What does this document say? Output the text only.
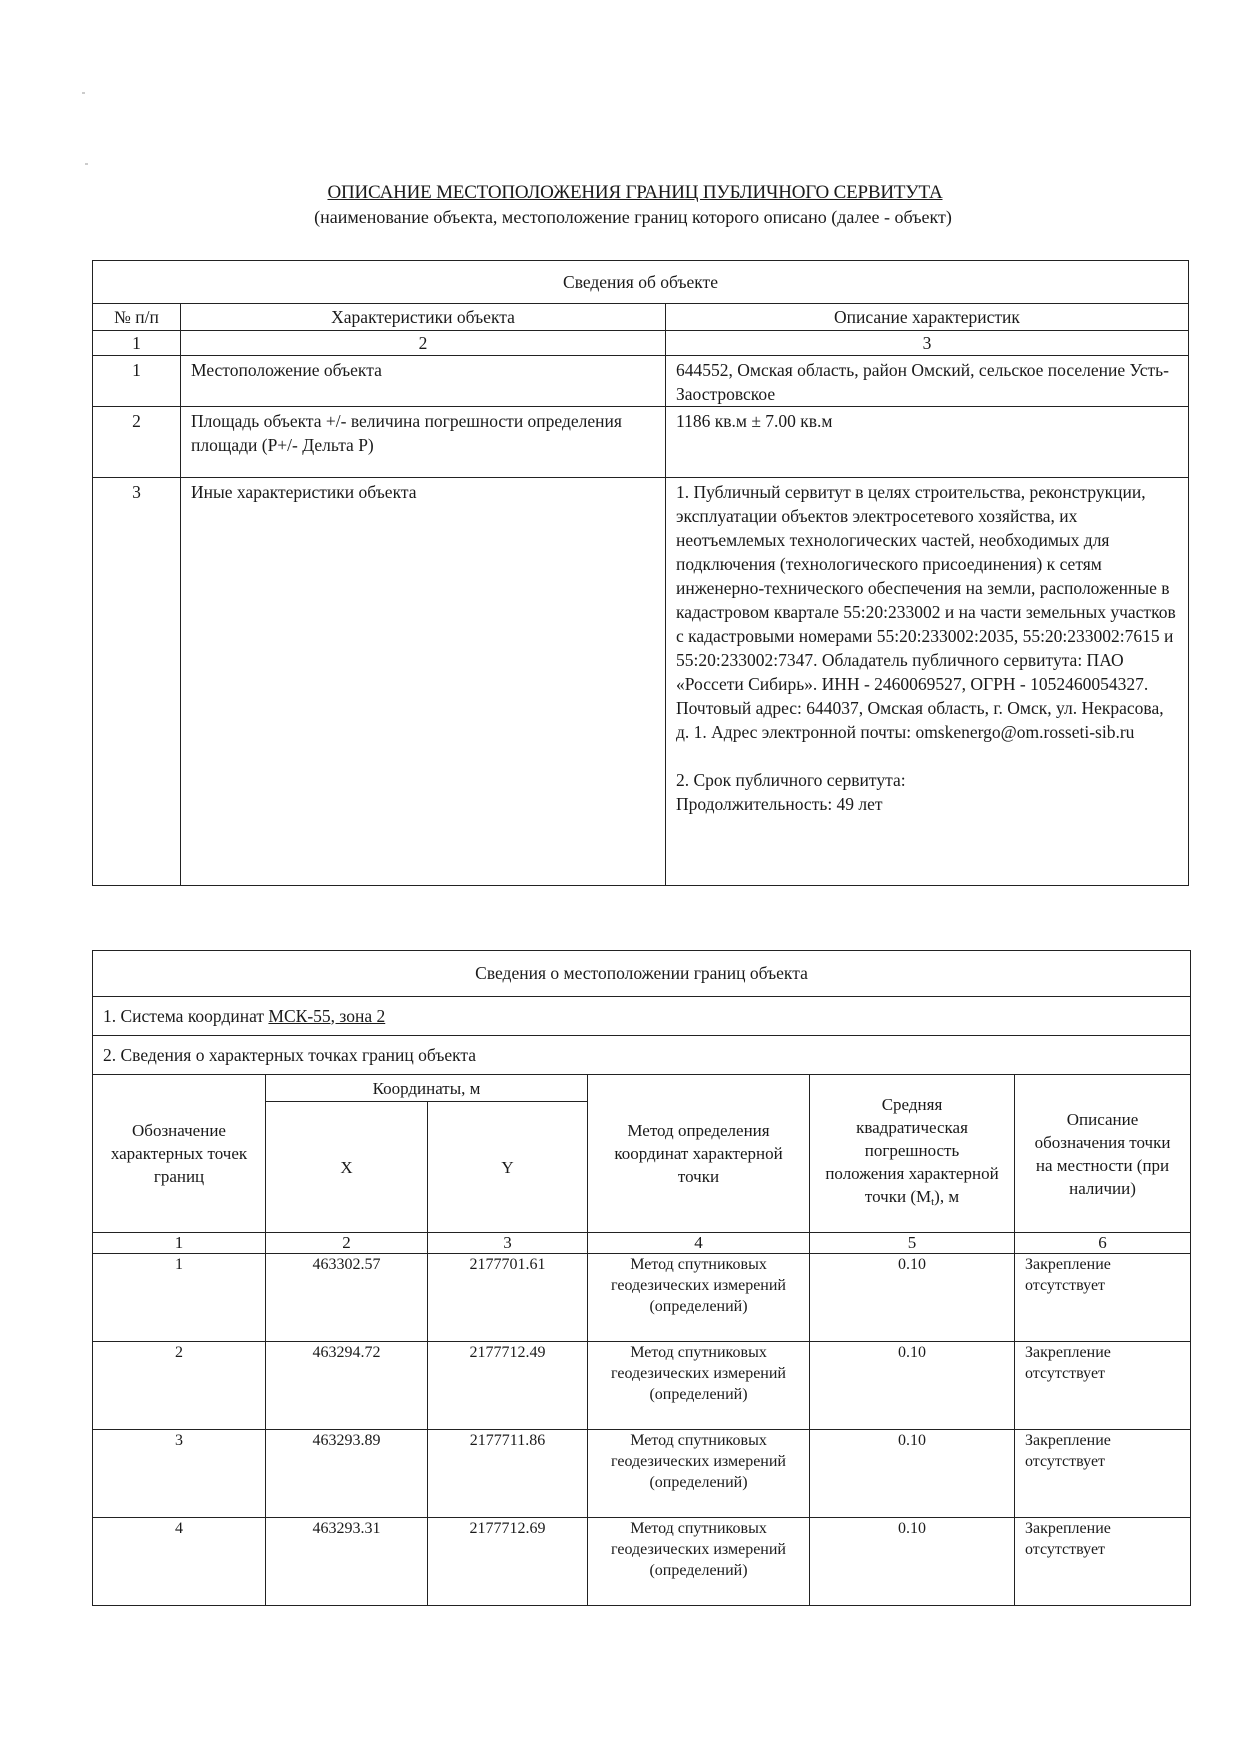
ОПИСАНИЕ МЕСТОПОЛОЖЕНИЯ ГРАНИЦ ПУБЛИЧНОГО СЕРВИТУТА
(наименование объекта, местоположение границ которого описано (далее - объект)
Сведения об объекте		
№ п/п	Характеристики объекта	Описание характеристик
1	2	3
1	Местоположение объекта	644552, Омская область, район Омский, сельское поселение Усть-Заостровское
2	Площадь объекта +/- величина погрешности определения площади (P+/- Дельта P)	1186 кв.м ± 7.00 кв.м
3	Иные характеристики объекта	1. Публичный сервитут в целях строительства, реконструкции, эксплуатации объектов электросетевого хозяйства, их неотъемлемых технологических частей, необходимых для подключения (технологического присоединения) к сетям инженерно-технического обеспечения на земли, расположенные в кадастровом квартале 55:20:233002 и на части земельных участков с кадастровыми номерами 55:20:233002:2035, 55:20:233002:7615 и 55:20:233002:7347. Обладатель публичного сервитута: ПАО «Россети Сибирь». ИНН - 2460069527, ОГРН - 1052460054327. Почтовый адрес: 644037, Омская область, г. Омск, ул. Некрасова, д. 1. Адрес электронной почты: omskenergo@om.rosseti-sib.ru
2. Срок публичного сервитута:
Продолжительность: 49 лет
Сведения о местоположении границ объекта					
1. Система координат МСК-55, зона 2					
2. Сведения о характерных точках границ объекта					
Обозначение характерных точек границ	Координаты, м		Метод определения координат характерной точки	Средняя квадратическая погрешность положения характерной точки $(M_t)$, м	Описание обозначения точки на местности (при наличии)
	X	Y			
1	2	3	4	5	6
1	463302.57	2177701.61	Метод спутниковых геодезических измерений (определений)	0.10	Закрепление отсутствует
2	463294.72	2177712.49	Метод спутниковых геодезических измерений (определений)	0.10	Закрепление отсутствует
3	463293.89	2177711.86	Метод спутниковых геодезических измерений (определений)	0.10	Закрепление отсутствует
4	463293.31	2177712.69	Метод спутниковых геодезических измерений (определений)	0.10	Закрепление отсутствует
